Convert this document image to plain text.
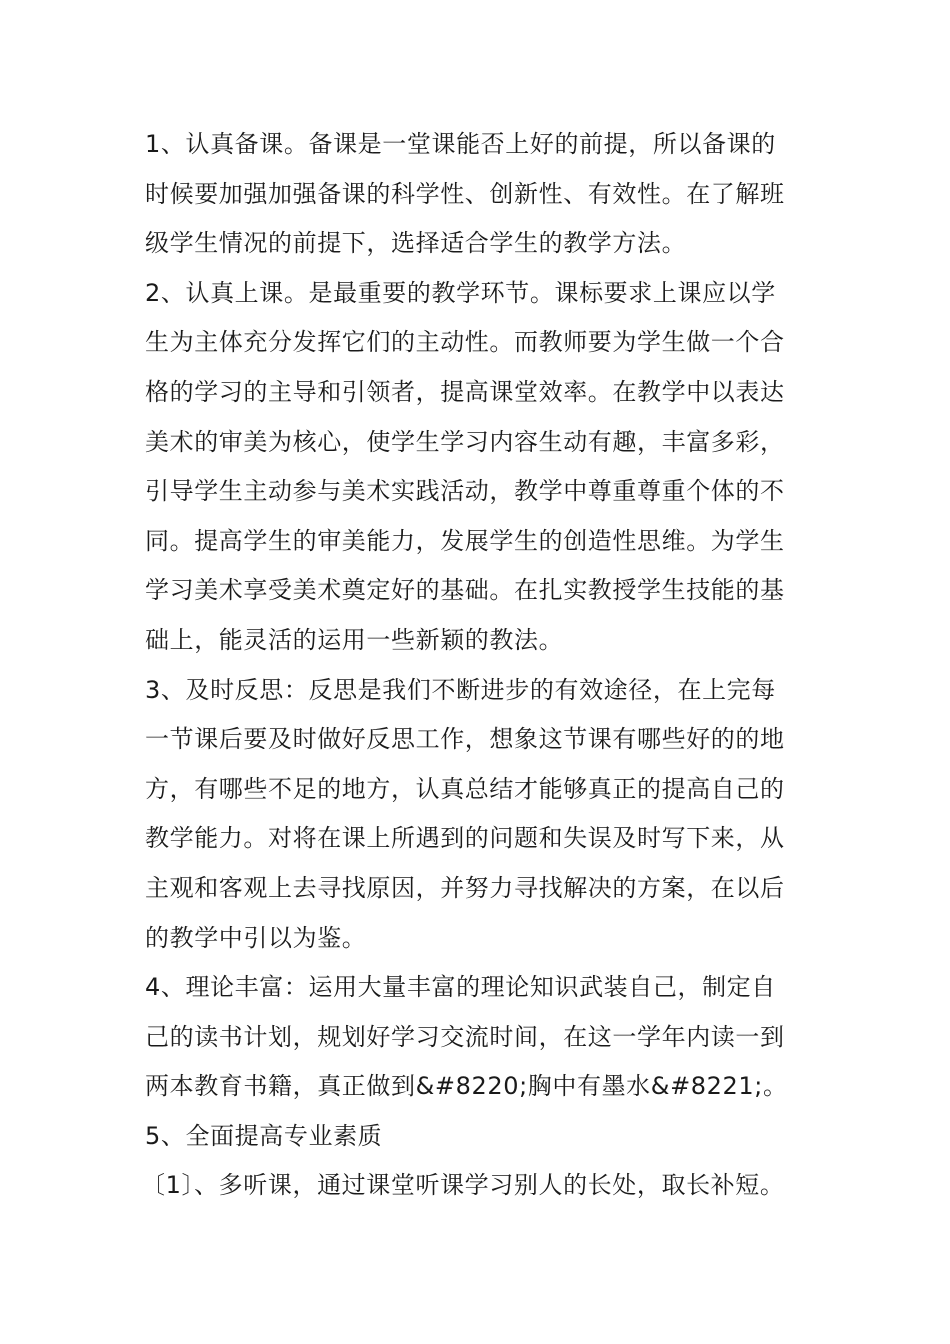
1、认真备课。备课是一堂课能否上好的前提，所以备课的
时候要加强加强备课的科学性、创新性、有效性。在了解班
级学生情况的前提下，选择适合学生的教学方法。
2、认真上课。是最重要的教学环节。课标要求上课应以学
生为主体充分发挥它们的主动性。而教师要为学生做一个合
格的学习的主导和引领者，提高课堂效率。在教学中以表达
美术的审美为核心，使学生学习内容生动有趣，丰富多彩，
引导学生主动参与美术实践活动，教学中尊重尊重个体的不
同。提高学生的审美能力，发展学生的创造性思维。为学生
学习美术享受美术奠定好的基础。在扎实教授学生技能的基
础上，能灵活的运用一些新颖的教法。
3、及时反思：反思是我们不断进步的有效途径，在上完每
一节课后要及时做好反思工作，想象这节课有哪些好的的地
方，有哪些不足的地方，认真总结才能够真正的提高自己的
教学能力。对将在课上所遇到的问题和失误及时写下来，从
主观和客观上去寻找原因，并努力寻找解决的方案，在以后
的教学中引以为鉴。
4、理论丰富：运用大量丰富的理论知识武装自己，制定自
己的读书计划，规划好学习交流时间，在这一学年内读一到
两本教育书籍，真正做到&#8220;胸中有墨水&#8221;。
5、全面提高专业素质
〔1〕、多听课，通过课堂听课学习别人的长处，取长补短。
